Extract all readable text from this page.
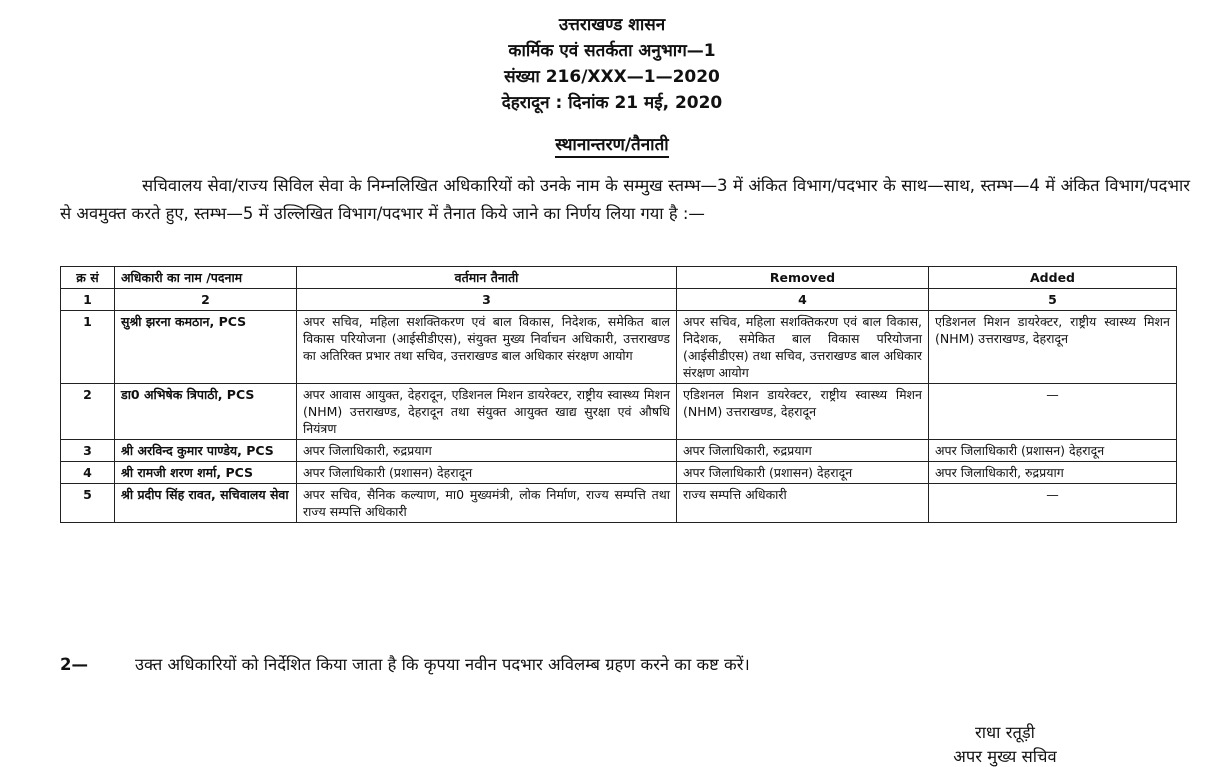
उत्तराखण्ड शासन
कार्मिक एवं सतर्कता अनुभाग—1
संख्या 216/XXX—1—2020
देहरादून : दिनांक 21 मई, 2020
स्थानान्तरण/तैनाती
सचिवालय सेवा/राज्य सिविल सेवा के निम्नलिखित अधिकारियों को उनके नाम के सम्मुख स्तम्भ—3 में अंकित विभाग/पदभार के साथ—साथ, स्तम्भ—4 में अंकित विभाग/पदभार से अवमुक्त करते हुए, स्तम्भ—5 में उल्लिखित विभाग/पदभार में तैनात किये जाने का निर्णय लिया गया है :—
क्र सं	अधिकारी का नाम /पदनाम	वर्तमान तैनाती	Removed	Added
1	2	3	4	5
1	सुश्री झरना कमठान, PCS	अपर सचिव, महिला सशक्तिकरण एवं बाल विकास, निदेशक, समेकित बाल विकास परियोजना (आईसीडीएस), संयुक्त मुख्य निर्वाचन अधिकारी, उत्तराखण्ड का अतिरिक्त प्रभार तथा सचिव, उत्तराखण्ड बाल अधिकार संरक्षण आयोग	अपर सचिव, महिला सशक्तिकरण एवं बाल विकास, निदेशक, समेकित बाल विकास परियोजना (आईसीडीएस) तथा सचिव, उत्तराखण्ड बाल अधिकार संरक्षण आयोग	एडिशनल मिशन डायरेक्टर, राष्ट्रीय स्वास्थ्य मिशन (NHM) उत्तराखण्ड, देहरादून
2	डा0 अभिषेक त्रिपाठी, PCS	अपर आवास आयुक्त, देहरादून, एडिशनल मिशन डायरेक्टर, राष्ट्रीय स्वास्थ्य मिशन (NHM) उत्तराखण्ड, देहरादून तथा संयुक्त आयुक्त खाद्य सुरक्षा एवं औषधि नियंत्रण	एडिशनल मिशन डायरेक्टर, राष्ट्रीय स्वास्थ्य मिशन (NHM) उत्तराखण्ड, देहरादून	—
3	श्री अरविन्द कुमार पाण्डेय, PCS	अपर जिलाधिकारी, रुद्रप्रयाग	अपर जिलाधिकारी, रुद्रप्रयाग	अपर जिलाधिकारी (प्रशासन) देहरादून
4	श्री रामजी शरण शर्मा, PCS	अपर जिलाधिकारी (प्रशासन) देहरादून	अपर जिलाधिकारी (प्रशासन) देहरादून	अपर जिलाधिकारी, रुद्रप्रयाग
5	श्री प्रदीप सिंह रावत, सचिवालय सेवा	अपर सचिव, सैनिक कल्याण, मा0 मुख्यमंत्री, लोक निर्माण, राज्य सम्पत्ति तथा राज्य सम्पत्ति अधिकारी	राज्य सम्पत्ति अधिकारी	—
2—	उक्त अधिकारियों को निर्देशित किया जाता है कि कृपया नवीन पदभार अविलम्ब ग्रहण करने का कष्ट करें।
राधा रतूड़ी
अपर मुख्य सचिव
